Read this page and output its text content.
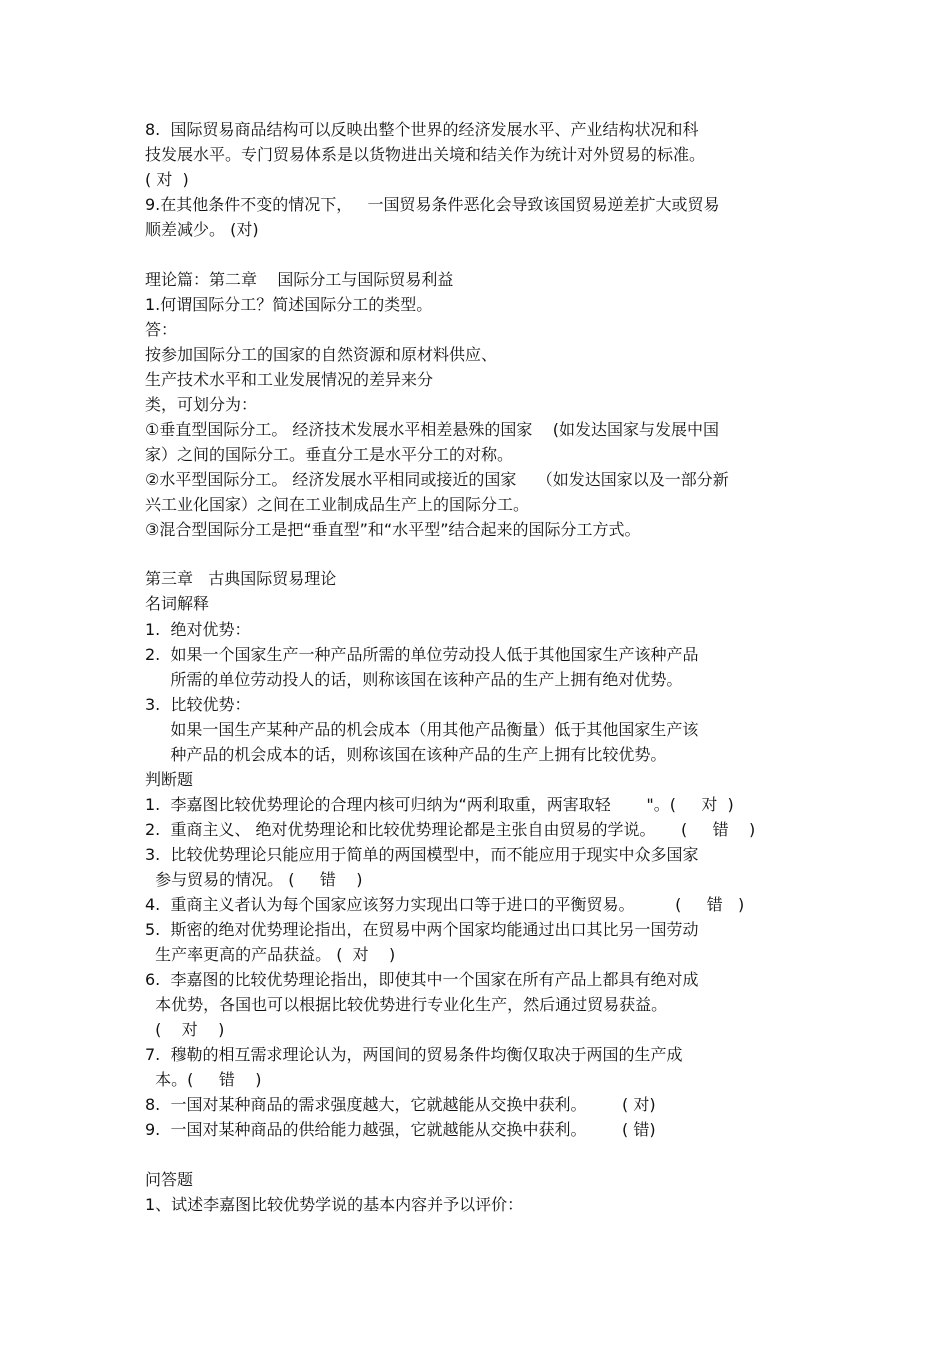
8.  国际贸易商品结构可以反映出整个世界的经济发展水平、产业结构状况和科

技发展水平。专门贸易体系是以货物进出关境和结关作为统计对外贸易的标准。

( 对  )

9.在其他条件不变的情况下，   一国贸易条件恶化会导致该国贸易逆差扩大或贸易

顺差减少。 (对)

理论篇：第二章    国际分工与国际贸易利益

1.何谓国际分工？简述国际分工的类型。

答：

按参加国际分工的国家的自然资源和原材料供应、

生产技术水平和工业发展情况的差异来分

类，可划分为：

①垂直型国际分工。 经济技术发展水平相差悬殊的国家    (如发达国家与发展中国

家）之间的国际分工。垂直分工是水平分工的对称。

②水平型国际分工。 经济发展水平相同或接近的国家    （如发达国家以及一部分新

兴工业化国家）之间在工业制成品生产上的国际分工。

③混合型国际分工是把“垂直型”和“水平型”结合起来的国际分工方式。

第三章   古典国际贸易理论

名词解释

1.  绝对优势：

2.  如果一个国家生产一种产品所需的单位劳动投人低于其他国家生产该种产品

所需的单位劳动投人的话，则称该国在该种产品的生产上拥有绝对优势。

3.  比较优势：

如果一国生产某种产品的机会成本（用其他产品衡量）低于其他国家生产该

种产品的机会成本的话，则称该国在该种产品的生产上拥有比较优势。

判断题

1.  李嘉图比较优势理论的合理内核可归纳为“两利取重，两害取轻       "。(     对  )

2.  重商主义、 绝对优势理论和比较优势理论都是主张自由贸易的学说。     (     错    )

3.  比较优势理论只能应用于简单的两国模型中，而不能应用于现实中众多国家

参与贸易的情况。 (     错    )

4.  重商主义者认为每个国家应该努力实现出口等于进口的平衡贸易。        (     错   )

5.  斯密的绝对优势理论指出，在贸易中两个国家均能通过出口其比另一国劳动

生产率更高的产品获益。 (  对    )

6.  李嘉图的比较优势理论指出，即使其中一个国家在所有产品上都具有绝对成

本优势，各国也可以根据比较优势进行专业化生产，然后通过贸易获益。

(    对    )

7.  穆勒的相互需求理论认为，两国间的贸易条件均衡仅取决于两国的生产成

本。(     错    )

8.  一国对某种商品的需求强度越大，它就越能从交换中获利。       ( 对)

9.  一国对某种商品的供给能力越强，它就越能从交换中获利。       ( 错)

问答题

1、试述李嘉图比较优势学说的基本内容并予以评价：
